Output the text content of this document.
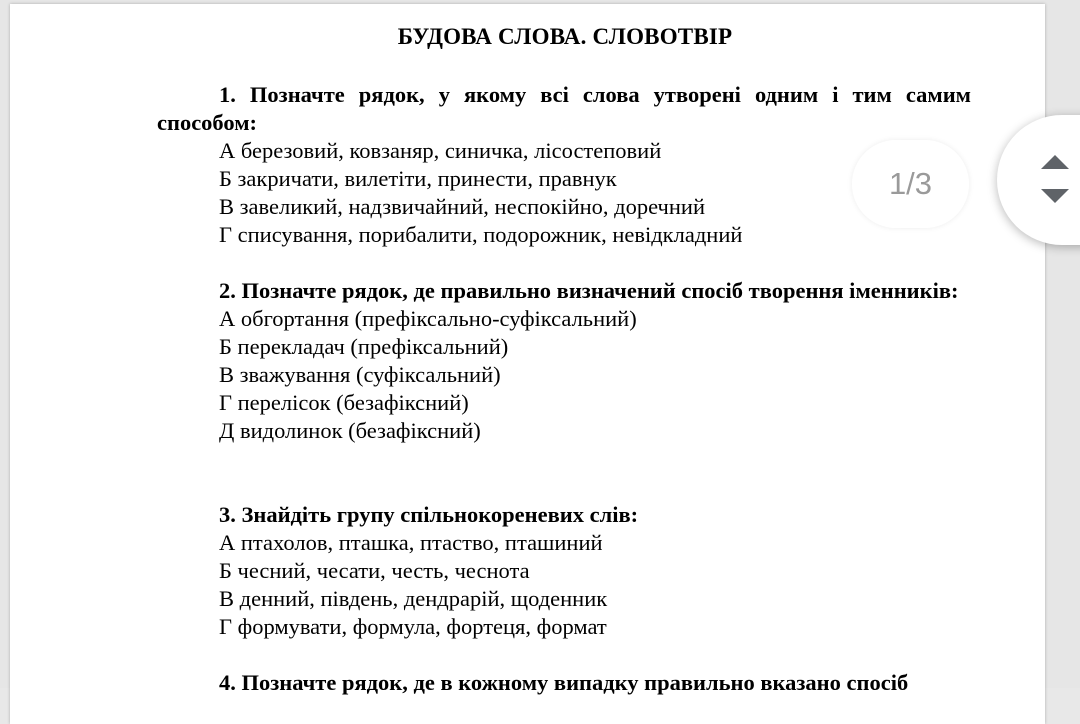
БУДОВА СЛОВА. СЛОВОТВІР

1. Позначте рядок, у якому всі слова утворені одним і тим самим способом:

А березовий, ковзаняр, синичка, лісостеповий
Б закричати, вилетіти, принести, правнук
В завеликий, надзвичайний, неспокійно, доречний
Г списування, порибалити, подорожник, невідкладний

2. Позначте рядок, де правильно визначений спосіб творення іменників:

А обгортання (префіксально-суфіксальний)
Б перекладач (префіксальний)
В зважування (суфіксальний)
Г перелісок (безафіксний)
Д видолинок (безафіксний)

3. Знайдіть групу спільнокореневих слів:

А птахолов, пташка, птаство, пташиний
Б чесний, чесати, честь, чеснота
В денний, південь, дендрарій, щоденник
Г формувати, формула, фортеця, формат

4. Позначте рядок, де в кожному випадку правильно вказано спосіб

1/3
